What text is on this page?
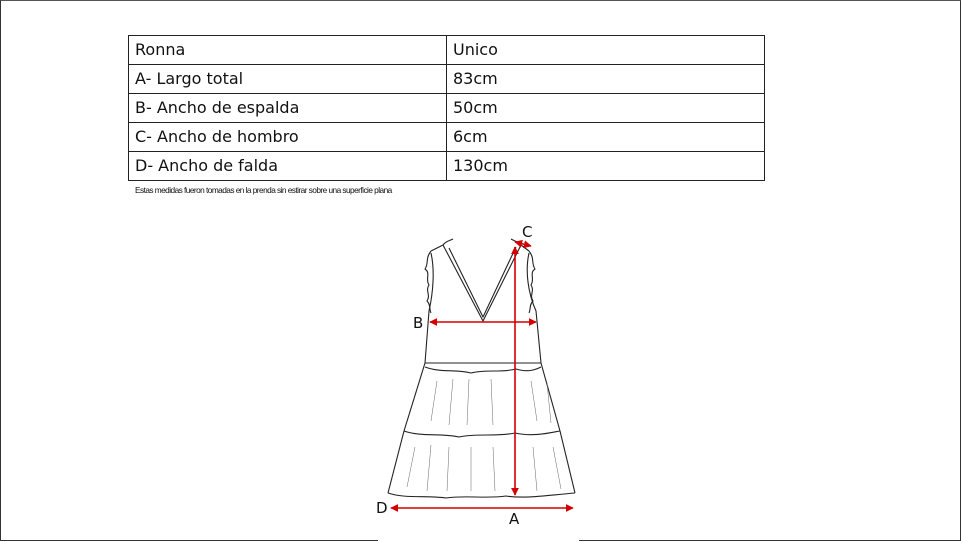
Ronna	Unico
A- Largo total	83cm
B- Ancho de espalda	50cm
C- Ancho de hombro	6cm
D- Ancho de falda	130cm
Estas medidas fueron tomadas en la prenda sin estirar sobre una superficie plana
C
B
D
A
